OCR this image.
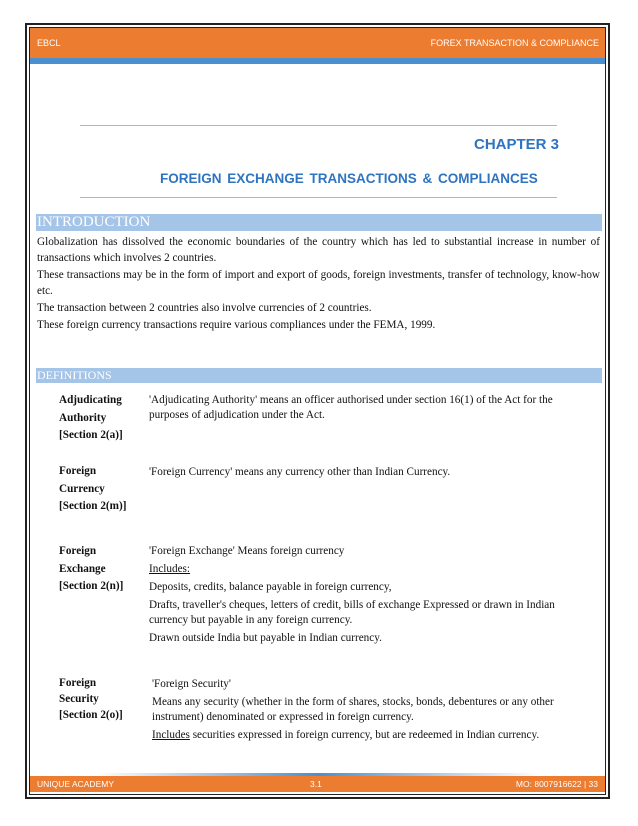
EBCL	FOREX TRANSACTION & COMPLIANCE
CHAPTER 3
FOREIGN EXCHANGE TRANSACTIONS & COMPLIANCES
INTRODUCTION

Globalization has dissolved the economic boundaries of the country which has led to substantial increase in number of transactions which involves 2 countries.

These transactions may be in the form of import and export of goods, foreign investments, transfer of technology, know-how etc.

The transaction between 2 countries also involve currencies of 2 countries.

These foreign currency transactions require various compliances under the FEMA, 1999.

DEFINITIONS
Adjudicating
Authority
[Section 2(a)]

'Adjudicating Authority' means an officer authorised under section 16(1) of the Act for the purposes of adjudication under the Act.

Foreign
Currency
[Section 2(m)]

'Foreign Currency' means any currency other than Indian Currency.

Foreign
Exchange
[Section 2(n)]

'Foreign Exchange' Means foreign currency

Includes:

Deposits, credits, balance payable in foreign currency,

Drafts, traveller's cheques, letters of credit, bills of exchange Expressed or drawn in Indian currency but payable in any foreign currency.

Drawn outside India but payable in Indian currency.

Foreign
Security
[Section 2(o)]

'Foreign Security'

Means any security (whether in the form of shares, stocks, bonds, debentures or any other instrument) denominated or expressed in foreign currency.

Includes securities expressed in foreign currency, but are redeemed in Indian currency.

UNIQUE ACADEMY	3.1	MO: 8007916622 | 33
